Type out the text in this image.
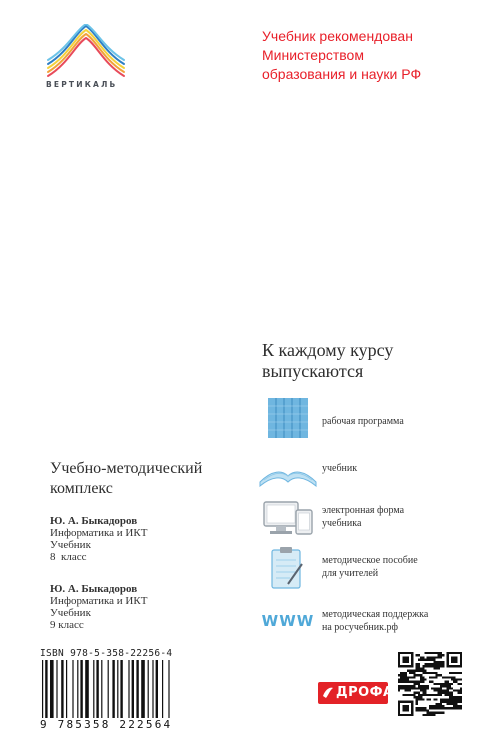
ВЕРТИКАЛЬ
Учебник рекомендован
Министерством
образования и науки РФ
К каждому курсу
выпускаются
рабочая программа
учебник
электронная форма
учебника
методическое пособие
для учителей
WWW методическая поддержка
на росучебник.рф
Учебно-методический
комплекс
Ю. А. Быкадоров
Информатика и ИКТ
Учебник
8  класс
Ю. А. Быкадоров
Информатика и ИКТ
Учебник
9 класс
ISBN 978-5-358-22256-4
9 785358 222564
ДРОФА
